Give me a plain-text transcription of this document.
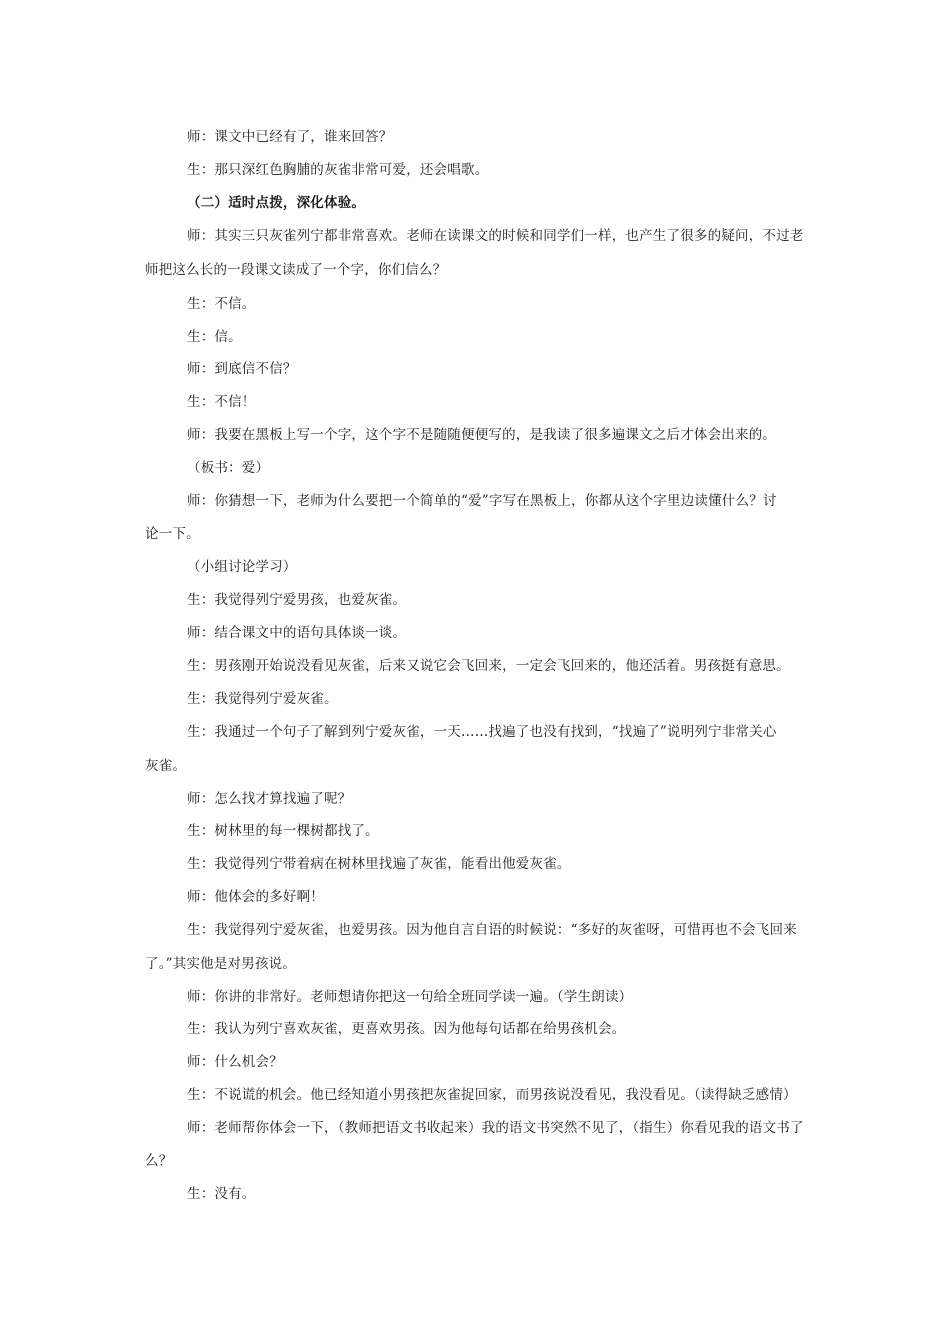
师：课文中已经有了，谁来回答？
生：那只深红色胸脯的灰雀非常可爱，还会唱歌。
（二）适时点拨，深化体验。
师：其实三只灰雀列宁都非常喜欢。老师在读课文的时候和同学们一样，也产生了很多的疑问，不过老
师把这么长的一段课文读成了一个字，你们信么？
生：不信。
生：信。
师：到底信不信？
生：不信！
师：我要在黑板上写一个字，这个字不是随随便便写的，是我读了很多遍课文之后才体会出来的。
（板书：爱）
师：你猜想一下，老师为什么要把一个简单的“爱”字写在黑板上，你都从这个字里边读懂什么？讨
论一下。
（小组讨论学习）
生：我觉得列宁爱男孩，也爱灰雀。
师：结合课文中的语句具体谈一谈。
生：男孩刚开始说没看见灰雀，后来又说它会飞回来，一定会飞回来的，他还活着。男孩挺有意思。
生：我觉得列宁爱灰雀。
生：我通过一个句子了解到列宁爱灰雀，一天……找遍了也没有找到，“找遍了”说明列宁非常关心
灰雀。
师：怎么找才算找遍了呢？
生：树林里的每一棵树都找了。
生：我觉得列宁带着病在树林里找遍了灰雀，能看出他爱灰雀。
师：他体会的多好啊！
生：我觉得列宁爱灰雀，也爱男孩。因为他自言自语的时候说：“多好的灰雀呀，可惜再也不会飞回来
了。”其实他是对男孩说。
师：你讲的非常好。老师想请你把这一句给全班同学读一遍。（学生朗读）
生：我认为列宁喜欢灰雀，更喜欢男孩。因为他每句话都在给男孩机会。
师：什么机会？
生：不说谎的机会。他已经知道小男孩把灰雀捉回家，而男孩说没看见，我没看见。（读得缺乏感情）
师：老师帮你体会一下，（教师把语文书收起来）我的语文书突然不见了，（指生）你看见我的语文书了
么？
生：没有。
